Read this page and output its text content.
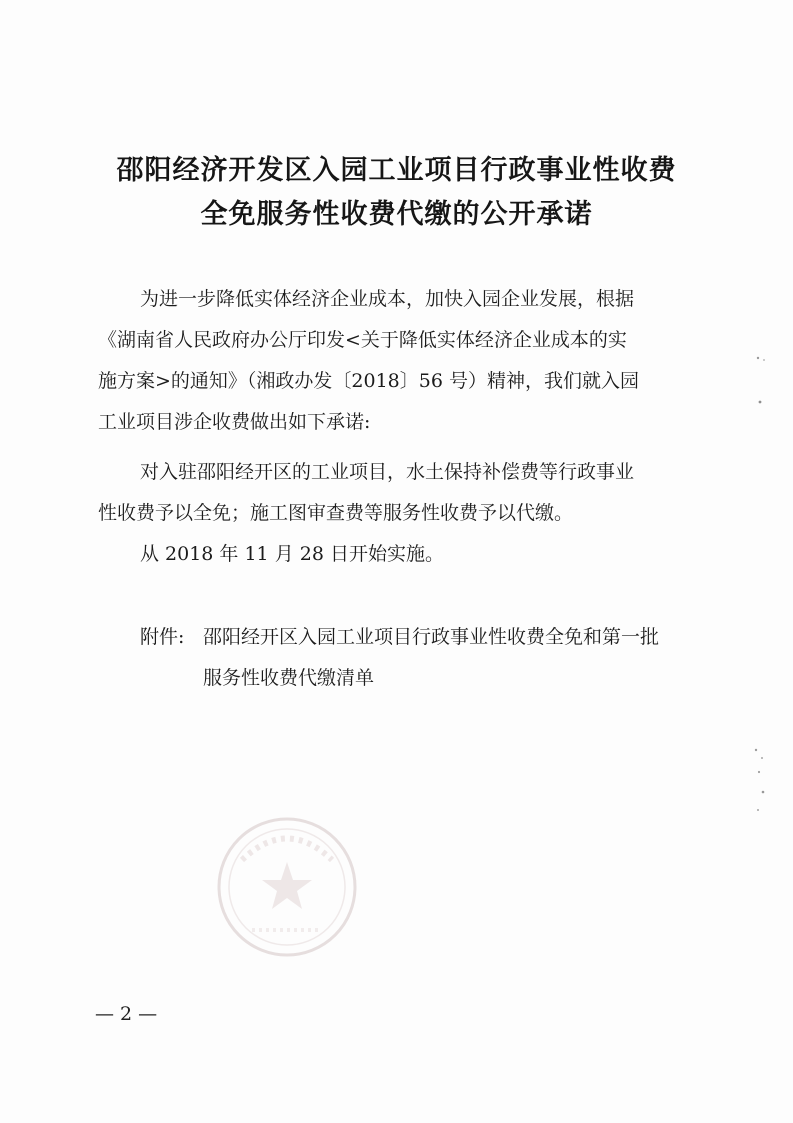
邵阳经济开发区入园工业项目行政事业性收费
全免服务性收费代缴的公开承诺
为进一步降低实体经济企业成本，加快入园企业发展，根据
《湖南省人民政府办公厅印发<关于降低实体经济企业成本的实
施方案>的通知》（湘政办发〔2018〕56 号）精神，我们就入园
工业项目涉企收费做出如下承诺:
对入驻邵阳经开区的工业项目，水土保持补偿费等行政事业
性收费予以全免；施工图审查费等服务性收费予以代缴。
从 2018 年 11 月 28 日开始实施。
附件: 邵阳经开区入园工业项目行政事业性收费全免和第一批
服务性收费代缴清单
— 2 —
